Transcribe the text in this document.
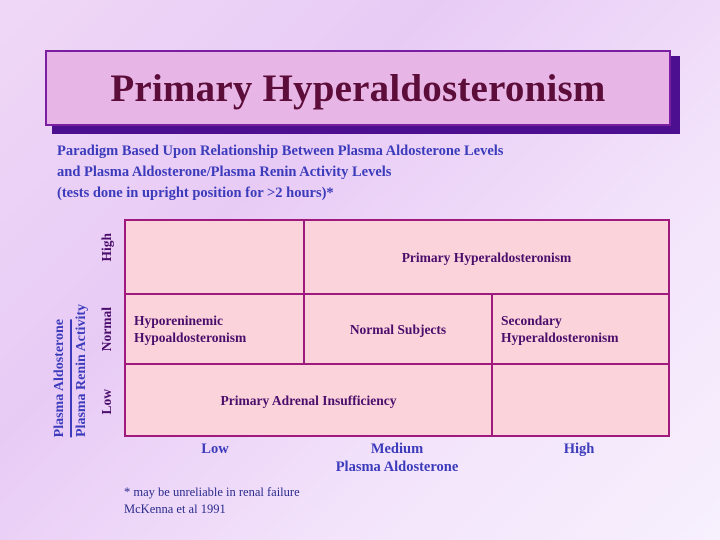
Primary Hyperaldosteronism
Paradigm Based Upon Relationship Between Plasma Aldosterone Levels
and Plasma Aldosterone/Plasma Renin Activity Levels
(tests done in upright position for >2 hours)*
Plasma Aldosterone Plasma Renin Activity
High
Normal
Low
Primary Hyperaldosteronism
Hyporeninemic Hypoaldosteronism
Normal Subjects
Secondary Hyperaldosteronism
Primary Adrenal Insufficiency
Low	Medium	High
Plasma Aldosterone
* may be unreliable in renal failure
McKenna et al 1991
